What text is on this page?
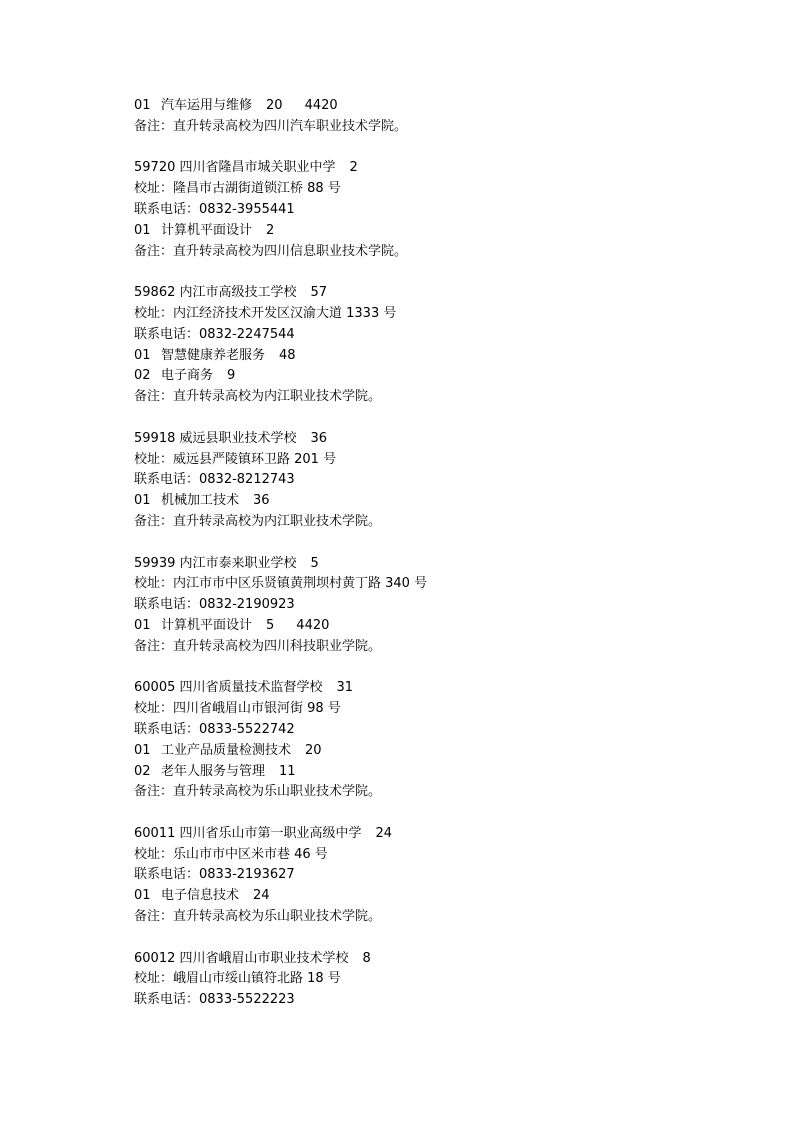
01 汽车运用与维修 20 4420
备注：直升转录高校为四川汽车职业技术学院。
59720 四川省隆昌市城关职业中学 2
校址：隆昌市古湖街道锁江桥 88 号
联系电话：0832-3955441
01 计算机平面设计 2
备注：直升转录高校为四川信息职业技术学院。
59862 内江市高级技工学校 57
校址：内江经济技术开发区汉渝大道 1333 号
联系电话：0832-2247544
01 智慧健康养老服务 48
02 电子商务 9
备注：直升转录高校为内江职业技术学院。
59918 威远县职业技术学校 36
校址：威远县严陵镇环卫路 201 号
联系电话：0832-8212743
01 机械加工技术 36
备注：直升转录高校为内江职业技术学院。
59939 内江市泰来职业学校 5
校址：内江市市中区乐贤镇黄荆坝村黄丁路 340 号
联系电话：0832-2190923
01 计算机平面设计 5 4420
备注：直升转录高校为四川科技职业学院。
60005 四川省质量技术监督学校 31
校址：四川省峨眉山市银河街 98 号
联系电话：0833-5522742
01 工业产品质量检测技术 20
02 老年人服务与管理 11
备注：直升转录高校为乐山职业技术学院。
60011 四川省乐山市第一职业高级中学 24
校址：乐山市市中区米市巷 46 号
联系电话：0833-2193627
01 电子信息技术 24
备注：直升转录高校为乐山职业技术学院。
60012 四川省峨眉山市职业技术学校 8
校址：峨眉山市绥山镇符北路 18 号
联系电话：0833-5522223
